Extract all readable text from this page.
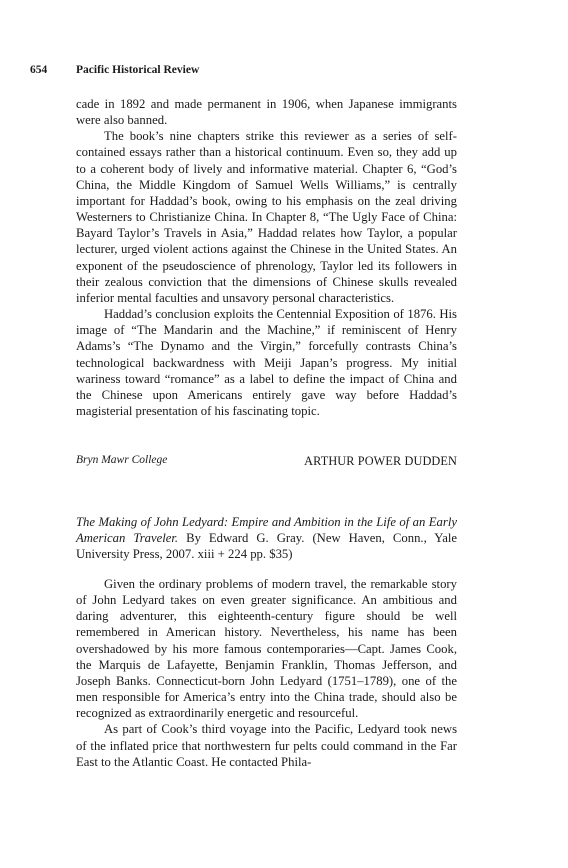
654	Pacific Historical Review

cade in 1892 and made permanent in 1906, when Japanese immigrants were also banned.

The book’s nine chapters strike this reviewer as a series of self-contained essays rather than a historical continuum. Even so, they add up to a coherent body of lively and informative material. Chapter 6, “God’s China, the Middle Kingdom of Samuel Wells Williams,” is centrally important for Haddad’s book, owing to his emphasis on the zeal driving Westerners to Christianize China. In Chapter 8, “The Ugly Face of China: Bayard Taylor’s Travels in Asia,” Haddad relates how Taylor, a popular lecturer, urged violent actions against the Chinese in the United States. An exponent of the pseudoscience of phrenology, Taylor led its followers in their zealous conviction that the dimensions of Chinese skulls revealed inferior mental faculties and unsavory personal characteristics.

Haddad’s conclusion exploits the Centennial Exposition of 1876. His image of “The Mandarin and the Machine,” if reminiscent of Henry Adams’s “The Dynamo and the Virgin,” forcefully contrasts China’s technological backwardness with Meiji Japan’s progress. My initial wariness toward “romance” as a label to define the impact of China and the Chinese upon Americans entirely gave way before Haddad’s magisterial presentation of his fascinating topic.

Bryn Mawr College	ARTHUR POWER DUDDEN

The Making of John Ledyard: Empire and Ambition in the Life of an Early American Traveler. By Edward G. Gray. (New Haven, Conn., Yale University Press, 2007. xiii + 224 pp. $35)

Given the ordinary problems of modern travel, the remarkable story of John Ledyard takes on even greater significance. An ambitious and daring adventurer, this eighteenth-century figure should be well remembered in American history. Nevertheless, his name has been overshadowed by his more famous contemporaries—Capt. James Cook, the Marquis de Lafayette, Benjamin Franklin, Thomas Jefferson, and Joseph Banks. Connecticut-born John Ledyard (1751–1789), one of the men responsible for America’s entry into the China trade, should also be recognized as extraordinarily energetic and resourceful.

As part of Cook’s third voyage into the Pacific, Ledyard took news of the inflated price that northwestern fur pelts could command in the Far East to the Atlantic Coast. He contacted Phila-
